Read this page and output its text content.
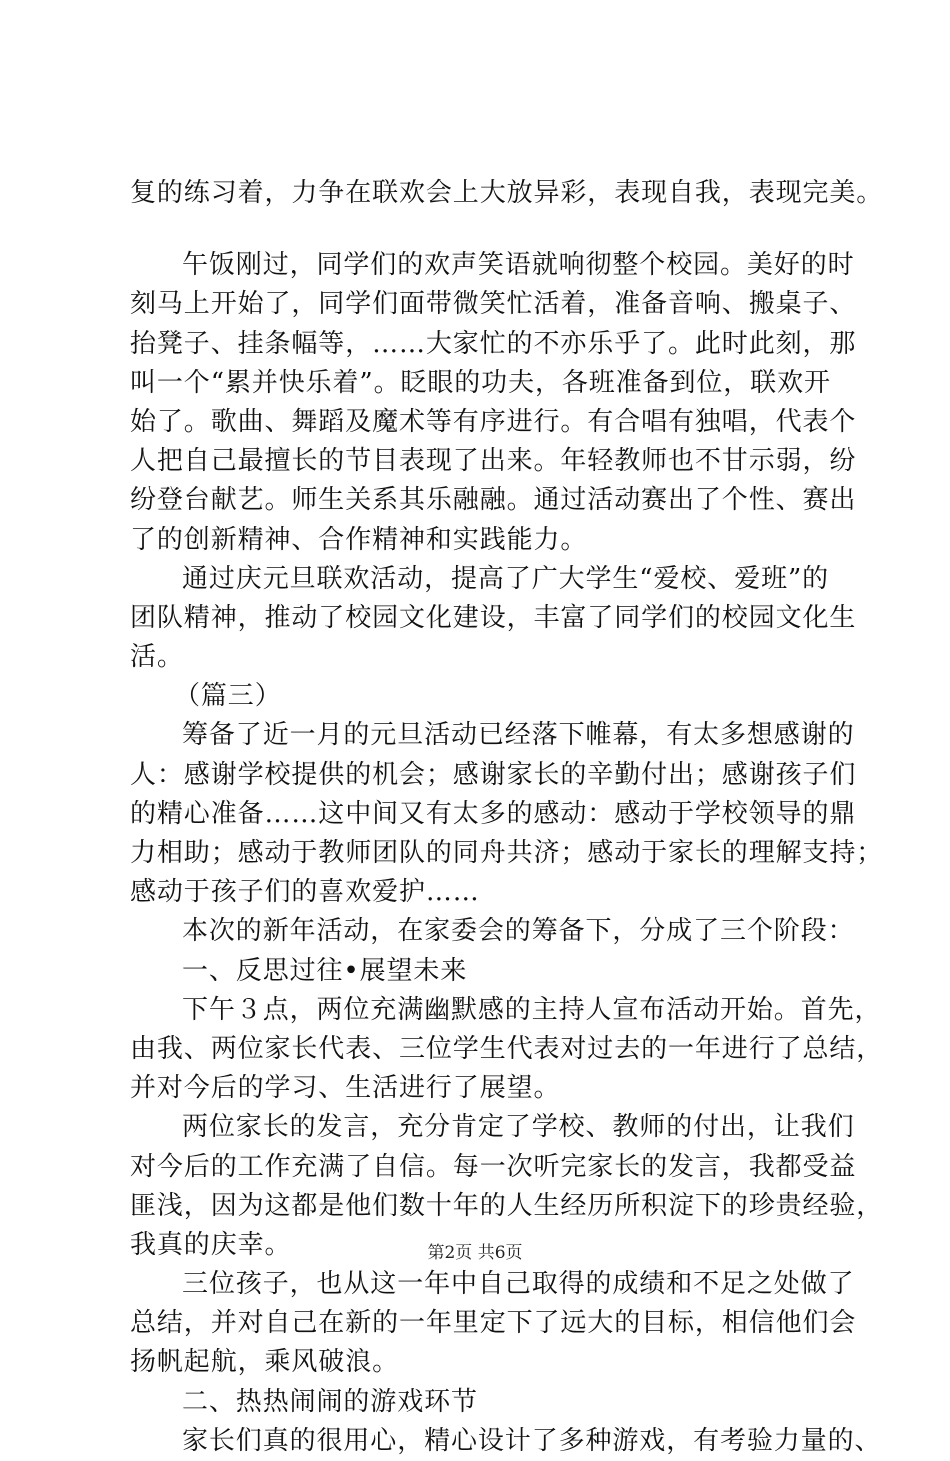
复的练习着，力争在联欢会上大放异彩，表现自我，表现完美。
午饭刚过，同学们的欢声笑语就响彻整个校园。美好的时
刻马上开始了，同学们面带微笑忙活着，准备音响、搬桌子、
抬凳子、挂条幅等，……大家忙的不亦乐乎了。此时此刻，那
叫一个“累并快乐着”。眨眼的功夫，各班准备到位，联欢开
始了。歌曲、舞蹈及魔术等有序进行。有合唱有独唱，代表个
人把自己最擅长的节目表现了出来。年轻教师也不甘示弱，纷
纷登台献艺。师生关系其乐融融。通过活动赛出了个性、赛出
了的创新精神、合作精神和实践能力。
通过庆元旦联欢活动，提高了广大学生“爱校、爱班”的
团队精神，推动了校园文化建设，丰富了同学们的校园文化生
活。
（篇三）
筹备了近一月的元旦活动已经落下帷幕，有太多想感谢的
人：感谢学校提供的机会；感谢家长的辛勤付出；感谢孩子们
的精心准备……这中间又有太多的感动：感动于学校领导的鼎
力相助；感动于教师团队的同舟共济；感动于家长的理解支持；
感动于孩子们的喜欢爱护……
本次的新年活动，在家委会的筹备下，分成了三个阶段：
一、反思过往•展望未来
下午３点，两位充满幽默感的主持人宣布活动开始。首先，
由我、两位家长代表、三位学生代表对过去的一年进行了总结，
并对今后的学习、生活进行了展望。
两位家长的发言，充分肯定了学校、教师的付出，让我们
对今后的工作充满了自信。每一次听完家长的发言，我都受益
匪浅，因为这都是他们数十年的人生经历所积淀下的珍贵经验，
我真的庆幸。
三位孩子，也从这一年中自己取得的成绩和不足之处做了
总结，并对自己在新的一年里定下了远大的目标，相信他们会
扬帆起航，乘风破浪。
二、热热闹闹的游戏环节
家长们真的很用心，精心设计了多种游戏，有考验力量的、
第2页 共6页
